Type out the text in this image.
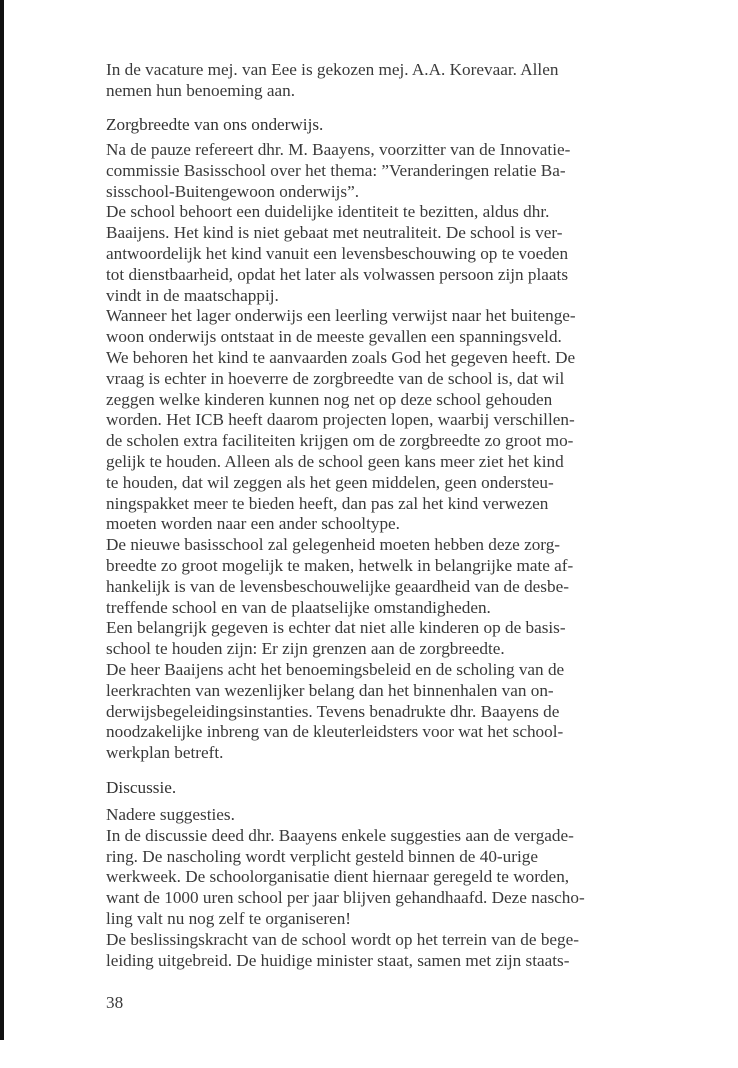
In de vacature mej. van Eee is gekozen mej. A.A. Korevaar. Allen
nemen hun benoeming aan.
Zorgbreedte van ons onderwijs.
Na de pauze refereert dhr. M. Baayens, voorzitter van de Innovatie-
commissie Basisschool over het thema: ”Veranderingen relatie Ba-
sisschool-Buitengewoon onderwijs”.
De school behoort een duidelijke identiteit te bezitten, aldus dhr.
Baaijens. Het kind is niet gebaat met neutraliteit. De school is ver-
antwoordelijk het kind vanuit een levensbeschouwing op te voeden
tot dienstbaarheid, opdat het later als volwassen persoon zijn plaats
vindt in de maatschappij.
Wanneer het lager onderwijs een leerling verwijst naar het buitenge-
woon onderwijs ontstaat in de meeste gevallen een spanningsveld.
We behoren het kind te aanvaarden zoals God het gegeven heeft. De
vraag is echter in hoeverre de zorgbreedte van de school is, dat wil
zeggen welke kinderen kunnen nog net op deze school gehouden
worden. Het ICB heeft daarom projecten lopen, waarbij verschillen-
de scholen extra faciliteiten krijgen om de zorgbreedte zo groot mo-
gelijk te houden. Alleen als de school geen kans meer ziet het kind
te houden, dat wil zeggen als het geen middelen, geen ondersteu-
ningspakket meer te bieden heeft, dan pas zal het kind verwezen
moeten worden naar een ander schooltype.
De nieuwe basisschool zal gelegenheid moeten hebben deze zorg-
breedte zo groot mogelijk te maken, hetwelk in belangrijke mate af-
hankelijk is van de levensbeschouwelijke geaardheid van de desbe-
treffende school en van de plaatselijke omstandigheden.
Een belangrijk gegeven is echter dat niet alle kinderen op de basis-
school te houden zijn: Er zijn grenzen aan de zorgbreedte.
De heer Baaijens acht het benoemingsbeleid en de scholing van de
leerkrachten van wezenlijker belang dan het binnenhalen van on-
derwijsbegeleidingsinstanties. Tevens benadrukte dhr. Baayens de
noodzakelijke inbreng van de kleuterleidsters voor wat het school-
werkplan betreft.
Discussie.
Nadere suggesties.
In de discussie deed dhr. Baayens enkele suggesties aan de vergade-
ring. De nascholing wordt verplicht gesteld binnen de 40-urige
werkweek. De schoolorganisatie dient hiernaar geregeld te worden,
want de 1000 uren school per jaar blijven gehandhaafd. Deze nascho-
ling valt nu nog zelf te organiseren!
De beslissingskracht van de school wordt op het terrein van de bege-
leiding uitgebreid. De huidige minister staat, samen met zijn staats-
38
